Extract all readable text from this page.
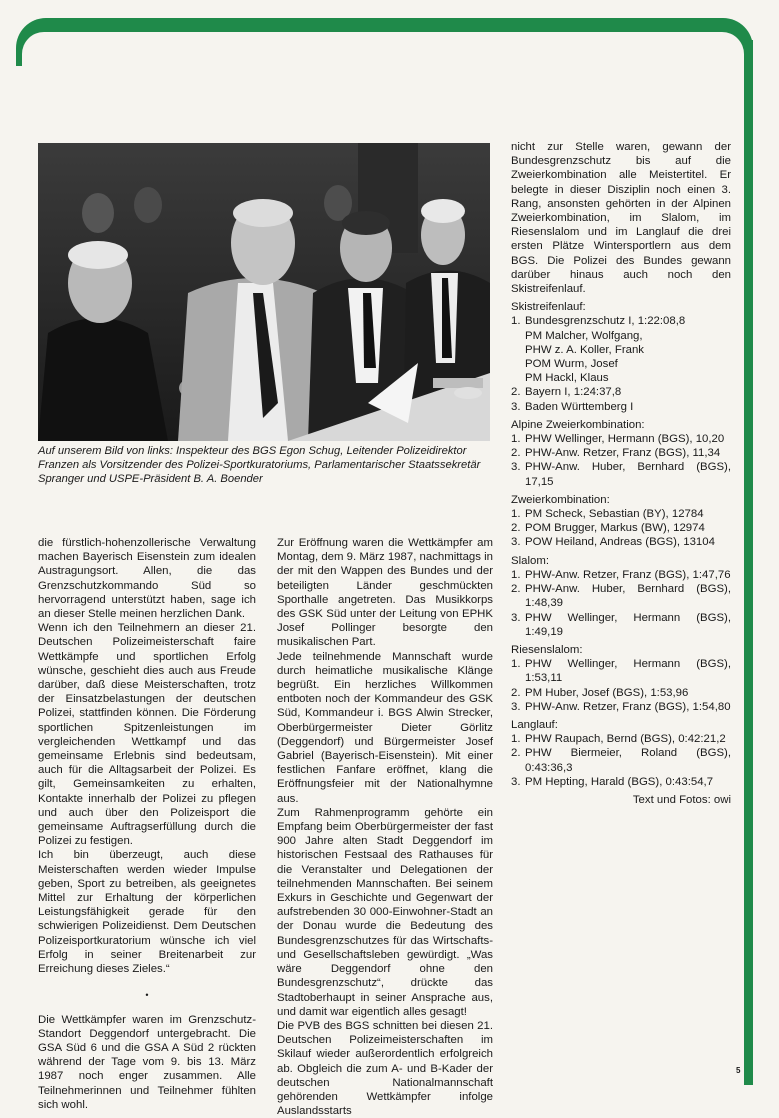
Auf unserem Bild von links: Inspekteur des BGS Egon Schug, Leitender Polizeidirektor Franzen als Vorsitzender des Polizei-Sportkuratoriums, Parlamentarischer Staatssekretär Spranger und USPE-Präsident B. A. Boender

die fürstlich-hohenzollerische Verwaltung machen Bayerisch Eisenstein zum idealen Austragungsort. Allen, die das Grenzschutzkommando Süd so hervorragend unterstützt haben, sage ich an dieser Stelle meinen herzlichen Dank.

Wenn ich den Teilnehmern an dieser 21. Deutschen Polizeimeisterschaft faire Wettkämpfe und sportlichen Erfolg wünsche, geschieht dies auch aus Freude darüber, daß diese Meisterschaften, trotz der Einsatzbelastungen der deutschen Polizei, stattfinden können. Die Förderung sportlichen Spitzenleistungen im vergleichenden Wettkampf und das gemeinsame Erlebnis sind bedeutsam, auch für die Alltagsarbeit der Polizei. Es gilt, Gemeinsamkeiten zu erhalten, Kontakte innerhalb der Polizei zu pflegen und auch über den Polizeisport die gemeinsame Auftragserfüllung durch die Polizei zu festigen.

Ich bin überzeugt, auch diese Meisterschaften werden wieder Impulse geben, Sport zu betreiben, als geeignetes Mittel zur Erhaltung der körperlichen Leistungsfähigkeit gerade für den schwierigen Polizeidienst. Dem Deutschen Polizeisportkuratorium wünsche ich viel Erfolg in seiner Breitenarbeit zur Erreichung dieses Zieles.“

•

Die Wettkämpfer waren im Grenzschutz-Standort Deggendorf untergebracht. Die GSA Süd 6 und die GSA A Süd 2 rückten während der Tage vom 9. bis 13. März 1987 noch enger zusammen. Alle Teilnehmerinnen und Teilnehmer fühlten sich wohl.

Zur Eröffnung waren die Wettkämpfer am Montag, dem 9. März 1987, nachmittags in der mit den Wappen des Bundes und der beteiligten Länder geschmückten Sporthalle angetreten. Das Musikkorps des GSK Süd unter der Leitung von EPHK Josef Pollinger besorgte den musikalischen Part.

Jede teilnehmende Mannschaft wurde durch heimatliche musikalische Klänge begrüßt. Ein herzliches Willkommen entboten noch der Kommandeur des GSK Süd, Kommandeur i. BGS Alwin Strecker, Oberbürgermeister Dieter Görlitz (Deggendorf) und Bürgermeister Josef Gabriel (Bayerisch-Eisenstein). Mit einer festlichen Fanfare eröffnet, klang die Eröffnungsfeier mit der Nationalhymne aus.

Zum Rahmenprogramm gehörte ein Empfang beim Oberbürgermeister der fast 900 Jahre alten Stadt Deggendorf im historischen Festsaal des Rathauses für die Veranstalter und Delegationen der teilnehmenden Mannschaften. Bei seinem Exkurs in Geschichte und Gegenwart der aufstrebenden 30 000-Einwohner-Stadt an der Donau wurde die Bedeutung des Bundesgrenzschutzes für das Wirtschafts- und Gesellschaftsleben gewürdigt. „Was wäre Deggendorf ohne den Bundesgrenzschutz“, drückte das Stadtoberhaupt in seiner Ansprache aus, und damit war eigentlich alles gesagt!

Die PVB des BGS schnitten bei diesen 21. Deutschen Polizeimeisterschaften im Skilauf wieder außerordentlich erfolgreich ab. Obgleich die zum A- und B-Kader der deutschen Nationalmannschaft gehörenden Wettkämpfer infolge Auslandsstarts

nicht zur Stelle waren, gewann der Bundesgrenzschutz bis auf die Zweierkombination alle Meistertitel. Er belegte in dieser Disziplin noch einen 3. Rang, ansonsten gehörten in der Alpinen Zweierkombination, im Slalom, im Riesenslalom und im Langlauf die drei ersten Plätze Wintersportlern aus dem BGS. Die Polizei des Bundes gewann darüber hinaus auch noch den Skistreifenlauf.

Skistreifenlauf:
1. Bundesgrenzschutz I, 1:22:08,8
PM Malcher, Wolfgang,
PHW z. A. Koller, Frank
POM Wurm, Josef
PM Hackl, Klaus
2. Bayern I, 1:24:37,8
3. Baden Württemberg I
Alpine Zweierkombination:
1. PHW Wellinger, Hermann (BGS), 10,20
2. PHW-Anw. Retzer, Franz (BGS), 11,34
3. PHW-Anw. Huber, Bernhard (BGS), 17,15
Zweierkombination:
1. PM Scheck, Sebastian (BY), 12784
2. POM Brugger, Markus (BW), 12974
3. POW Heiland, Andreas (BGS), 13104
Slalom:
1. PHW-Anw. Retzer, Franz (BGS), 1:47,76
2. PHW-Anw. Huber, Bernhard (BGS), 1:48,39
3. PHW Wellinger, Hermann (BGS), 1:49,19
Riesenslalom:
1. PHW Wellinger, Hermann (BGS), 1:53,11
2. PM Huber, Josef (BGS), 1:53,96
3. PHW-Anw. Retzer, Franz (BGS), 1:54,80
Langlauf:
1. PHW Raupach, Bernd (BGS), 0:42:21,2
2. PHW Biermeier, Roland (BGS), 0:43:36,3
3. PM Hepting, Harald (BGS), 0:43:54,7
Text und Fotos: owi
5
